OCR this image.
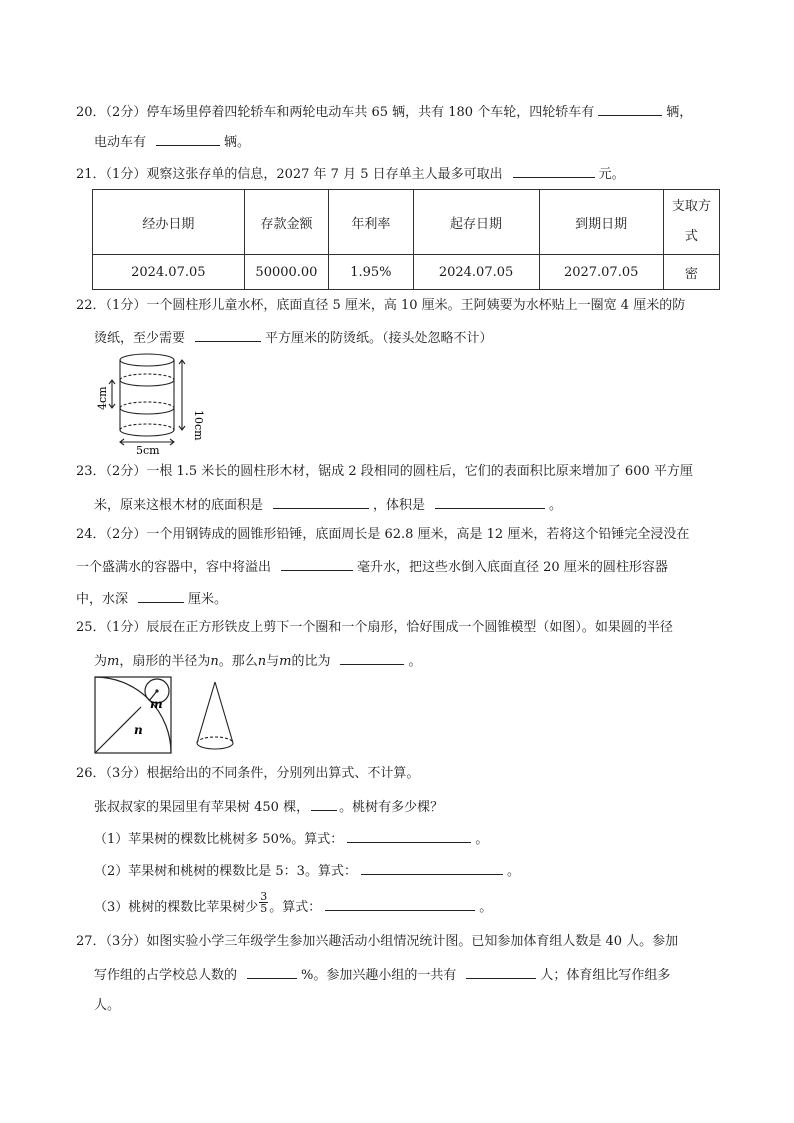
20．（2分）停车场里停着四轮轿车和两轮电动车共 65 辆，共有 180 个车轮，四轮轿车有	辆，
电动车有	辆。
21．（1分）观察这张存单的信息，2027 年 7 月 5 日存单主人最多可取出	元。
经办日期	存款金额	年利率	起存日期	到期日期	支取方
式
2024.07.05	50000.00	1.95%	2024.07.05	2027.07.05	密
22．（1分）一个圆柱形儿童水杯，底面直径 5 厘米，高 10 厘米。王阿姨要为水杯贴上一圈宽 4 厘米的防
烫纸，至少需要	平方厘米的防烫纸。（接头处忽略不计）
4cm
10cm
5cm
23．（2分）一根 1.5 米长的圆柱形木材，锯成 2 段相同的圆柱后，它们的表面积比原来增加了 600 平方厘
米，原来这根木材的底面积是	，体积是	。
24．（2分）一个用钢铸成的圆锥形铅锤，底面周长是 62.8 厘米，高是 12 厘米，若将这个铅锤完全浸没在
一个盛满水的容器中，容中将溢出	毫升水，把这些水倒入底面直径 20 厘米的圆柱形容器
中，水深	厘米。
25．（1分）辰辰在正方形铁皮上剪下一个圈和一个扇形，恰好围成一个圆锥模型（如图）。如果圆的半径
为m，扇形的半径为n。那么n与m的比为	。
m
n
26．（3分）根据给出的不同条件，分别列出算式、不计算。
张叔叔家的果园里有苹果树 450 棵， 。桃树有多少棵？
（1）苹果树的棵数比桃树多 50%。算式：	。
（2）苹果树和桃树的棵数比是 5：3。算式：	。
（3）桃树的棵数比苹果树少 $\frac{3}{5}$ 。算式：	。
27．（3分）如图实验小学三年级学生参加兴趣活动小组情况统计图。已知参加体育组人数是 40 人。参加
写作组的占学校总人数的	%。参加兴趣小组的一共有	人；体育组比写作组多
人。
